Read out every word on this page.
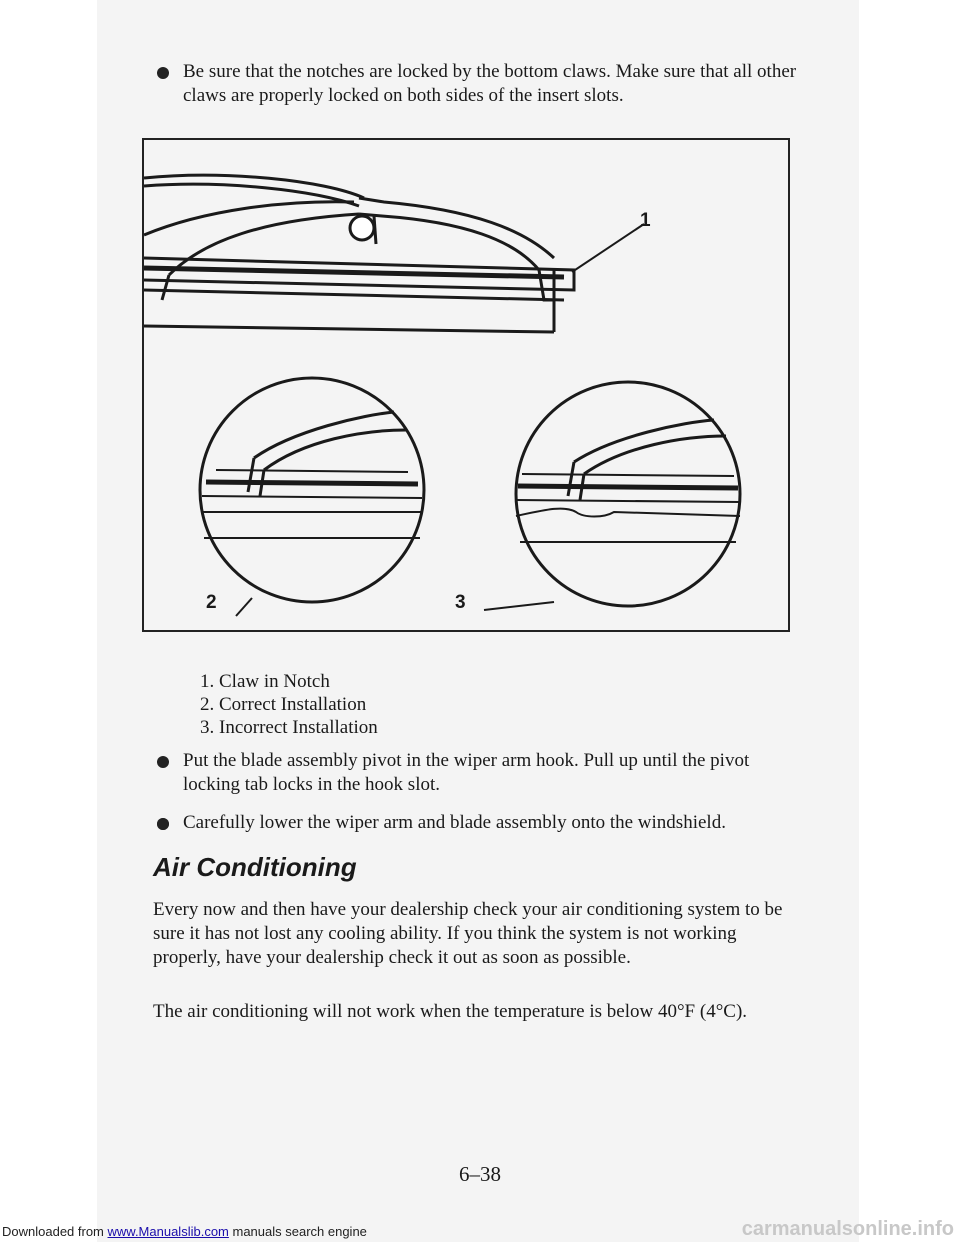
Be sure that the notches are locked by the bottom claws. Make sure that all other claws are properly locked on both sides of the insert slots.
1
2	3
1. Claw in Notch
2. Correct Installation
3. Incorrect Installation
Put the blade assembly pivot in the wiper arm hook. Pull up until the pivot locking tab locks in the hook slot.
Carefully lower the wiper arm and blade assembly onto the windshield.
Air Conditioning
Every now and then have your dealership check your air conditioning system to be sure it has not lost any cooling ability. If you think the system is not working properly, have your dealership check it out as soon as possible.
The air conditioning will not work when the temperature is below 40°F (4°C).
6–38
Downloaded from www.Manualslib.com manuals search engine	carmanualsonline.info
